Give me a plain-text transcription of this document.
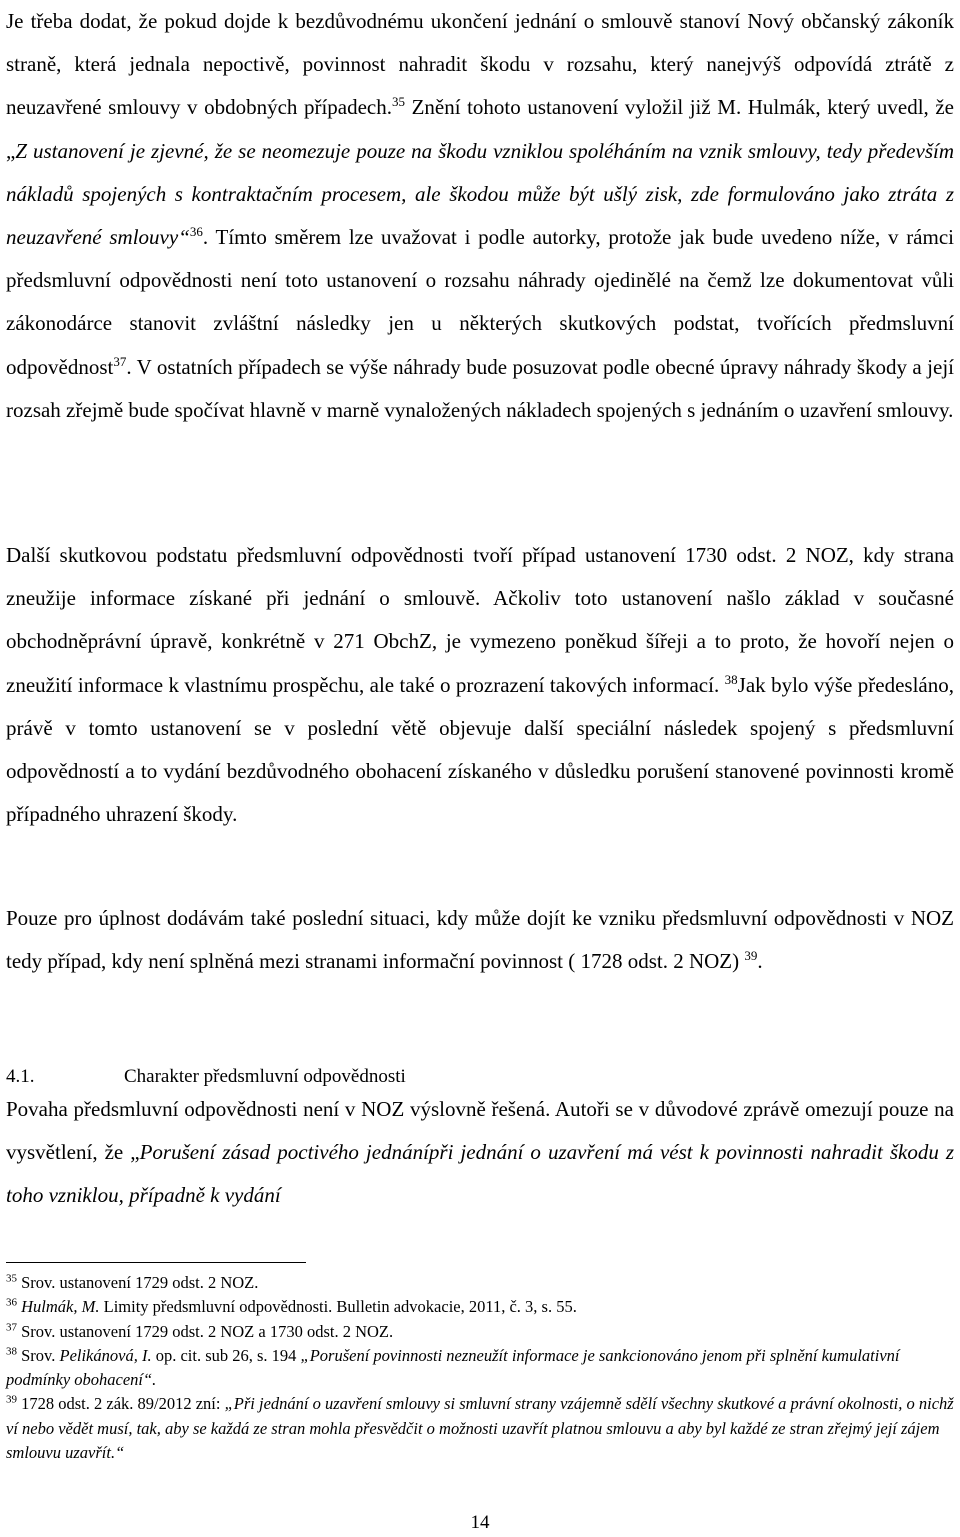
Je třeba dodat, že pokud dojde k bezdůvodnému ukončení jednání o smlouvě stanoví Nový občanský zákoník straně, která jednala nepoctivě, povinnost nahradit škodu v rozsahu, který nanejvýš odpovídá ztrátě z neuzavřené smlouvy v obdobných případech.$^{35}$ Znění tohoto ustanovení vyložil již M. Hulmák, který uvedl, že „Z ustanovení je zjevné, že se neomezuje pouze na škodu vzniklou spoléháním na vznik smlouvy, tedy především nákladů spojených s kontraktačním procesem, ale škodou může být ušlý zisk, zde formulováno jako ztráta z neuzavřené smlouvy“$^{36}$. Tímto směrem lze uvažovat i podle autorky, protože jak bude uvedeno níže, v rámci předsmluvní odpovědnosti není toto ustanovení o rozsahu náhrady ojedinělé na čemž lze dokumentovat vůli zákonodárce stanovit zvláštní následky jen u některých skutkových podstat, tvořících předmsluvní odpovědnost$^{37}$. V ostatních případech se výše náhrady bude posuzovat podle obecné úpravy náhrady škody a její rozsah zřejmě bude spočívat hlavně v marně vynaložených nákladech spojených s jednáním o uzavření smlouvy.

Další skutkovou podstatu předsmluvní odpovědnosti tvoří případ ustanovení 1730 odst. 2 NOZ, kdy strana zneužije informace získané při jednání o smlouvě. Ačkoliv toto ustanovení našlo základ v současné obchodněprávní úpravě, konkrétně v 271 ObchZ, je vymezeno poněkud šířeji a to proto, že hovoří nejen o zneužití informace k vlastnímu prospěchu, ale také o prozrazení takových informací. $^{38}$Jak bylo výše předesláno, právě v tomto ustanovení se v poslední větě objevuje další speciální následek spojený s předsmluvní odpovědností a to vydání bezdůvodného obohacení získaného v důsledku porušení stanovené povinnosti kromě případného uhrazení škody.

Pouze pro úplnost dodávám také poslední situaci, kdy může dojít ke vzniku předsmluvní odpovědnosti v NOZ tedy případ, kdy není splněná mezi stranami informační povinnost ( 1728 odst. 2 NOZ) $^{39}$.

4.1.	Charakter předsmluvní odpovědnosti

Povaha předsmluvní odpovědnosti není v NOZ výslovně řešená. Autoři se v důvodové zprávě omezují pouze na vysvětlení, že „Porušení zásad poctivého jednánípři jednání o uzavření má vést k povinnosti nahradit škodu z toho vzniklou, případně k vydání

$^{35}$ Srov. ustanovení 1729 odst. 2 NOZ.

$^{36}$ Hulmák, M. Limity předsmluvní odpovědnosti. Bulletin advokacie, 2011, č. 3, s. 55.

$^{37}$ Srov. ustanovení 1729 odst. 2 NOZ a 1730 odst. 2 NOZ.

$^{38}$ Srov. Pelikánová, I. op. cit. sub 26, s. 194 „Porušení povinnosti nezneužít informace je sankcionováno jenom při splnění kumulativní podmínky obohacení“.

$^{39}$ 1728 odst. 2 zák. 89/2012 zní: „Při jednání o uzavření smlouvy si smluvní strany vzájemně sdělí všechny skutkové a právní okolnosti, o nichž ví nebo vědět musí, tak, aby se každá ze stran mohla přesvědčit o možnosti uzavřít platnou smlouvu a aby byl každé ze stran zřejmý její zájem smlouvu uzavřít.“

14
